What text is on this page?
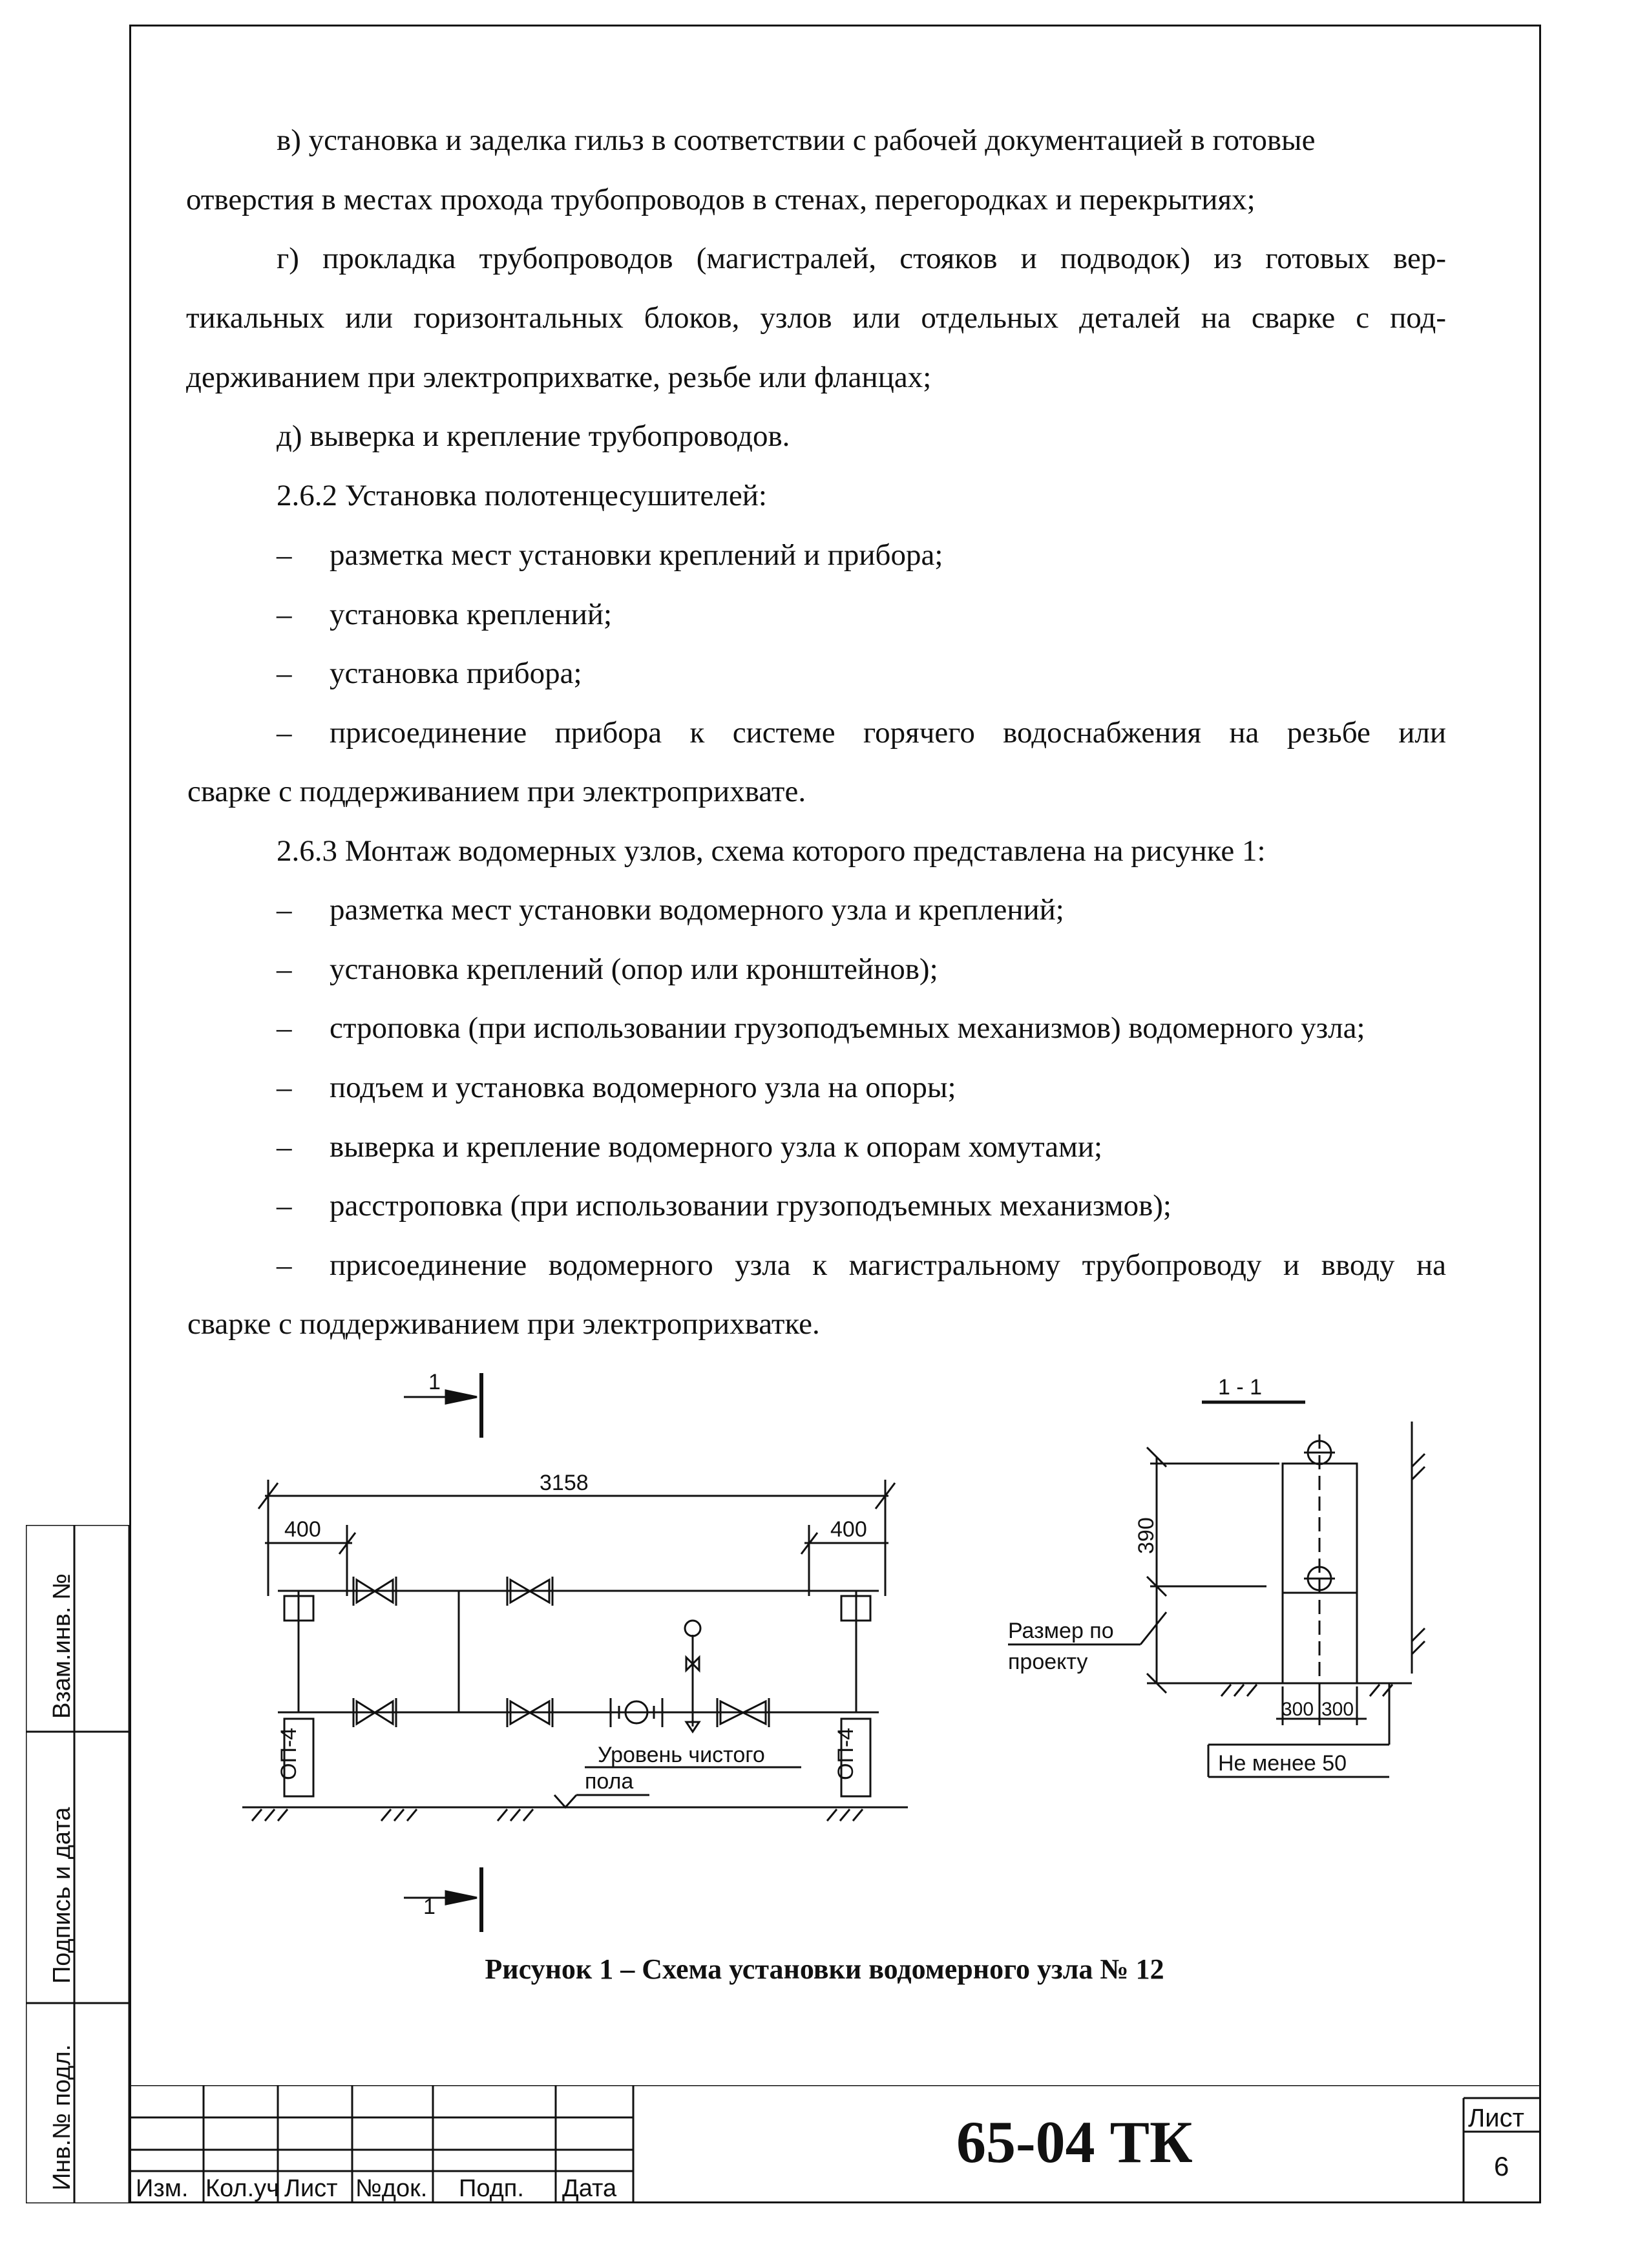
в) установка и заделка гильз в соответствии с рабочей документацией в готовые
отверстия в местах прохода трубопроводов в стенах, перегородках и перекрытиях;
г) прокладка трубопроводов (магистралей, стояков и подводок) из готовых вер-
тикальных или горизонтальных блоков, узлов или отдельных деталей на сварке с под-
держиванием при электроприхватке, резьбе или фланцах;
д) выверка и крепление трубопроводов.
2.6.2 Установка полотенцесушителей:
– разметка мест установки креплений и прибора;
– установка креплений;
– установка прибора;
– присоединение прибора к системе горячего водоснабжения на резьбе или
сварке с поддерживанием при электроприхвате.
2.6.3 Монтаж водомерных узлов, схема которого представлена на рисунке 1:
– разметка мест установки водомерного узла и креплений;
– установка креплений (опор или кронштейнов);
– строповка (при использовании грузоподъемных механизмов) водомерного узла;
– подъем и установка водомерного узла на опоры;
– выверка и крепление водомерного узла к опорам хомутами;
– расстроповка (при использовании грузоподъемных механизмов);
– присоединение водомерного узла к магистральному трубопроводу и вводу на
сварке с поддерживанием при электроприхватке.
1
1
3158
400	400
ОП-4	ОП-4
Уровень чистого
пола
1 - 1
390
Размер по
проекту
300 300
Не менее 50
Рисунок 1 – Схема установки водомерного узла № 12
Взам.инв. №
Подпись и дата
Инв.№ подл. Изм. Кол.уч Лист №док. Подп. Дата
Лист
6
65-04 ТК
